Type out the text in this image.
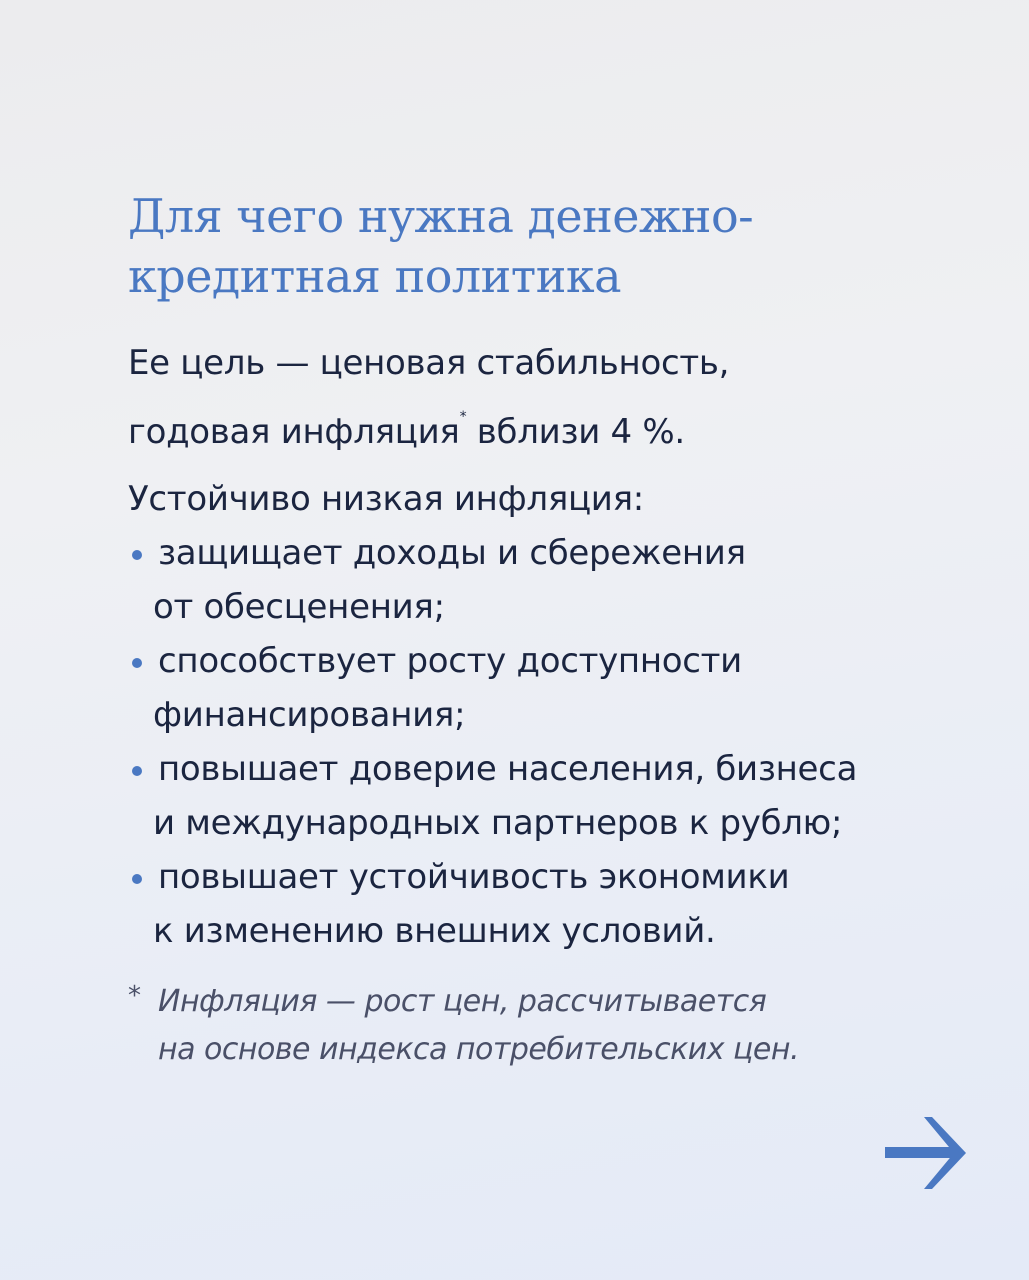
Для чего нужна денежно-
кредитная политика
Ее цель — ценовая стабильность,
годовая инфляция* вблизи 4 %.
Устойчиво низкая инфляция:
защищает доходы и сбережения
от обесценения;
способствует росту доступности
финансирования;
повышает доверие населения, бизнеса
и международных партнеров к рублю;
повышает устойчивость экономики
к изменению внешних условий.
* Инфляция — рост цен, рассчитывается
на основе индекса потребительских цен.
